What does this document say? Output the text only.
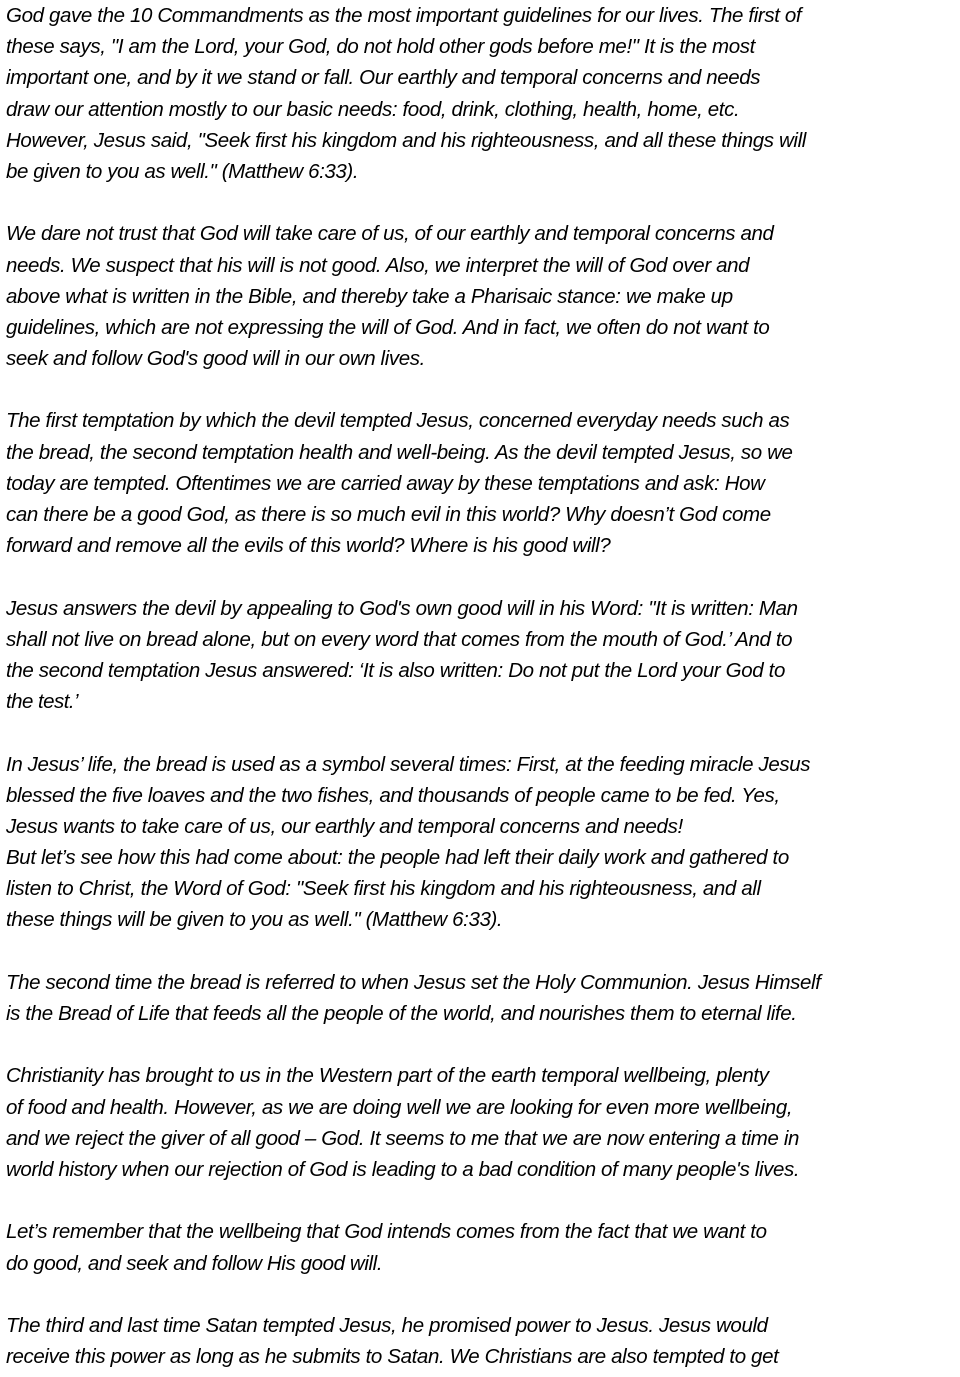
God gave the 10 Commandments as the most important guidelines for our lives. The first of
these says, "I am the Lord, your God, do not hold other gods before me!" It is the most
important one, and by it we stand or fall. Our earthly and temporal concerns and needs
draw our attention mostly to our basic needs: food, drink, clothing, health, home, etc.
However, Jesus said, "Seek first his kingdom and his righteousness, and all these things will
be given to you as well." (Matthew 6:33).
We dare not trust that God will take care of us, of our earthly and temporal concerns and
needs. We suspect that his will is not good. Also, we interpret the will of God over and
above what is written in the Bible, and thereby take a Pharisaic stance: we make up
guidelines, which are not expressing the will of God. And in fact, we often do not want to
seek and follow God's good will in our own lives.
The first temptation by which the devil tempted Jesus, concerned everyday needs such as
the bread, the second temptation health and well-being. As the devil tempted Jesus, so we
today are tempted. Oftentimes we are carried away by these temptations and ask: How
can there be a good God, as there is so much evil in this world? Why doesn’t God come
forward and remove all the evils of this world? Where is his good will?
Jesus answers the devil by appealing to God's own good will in his Word: "It is written: Man
shall not live on bread alone, but on every word that comes from the mouth of God.’ And to
the second temptation Jesus answered: ‘It is also written: Do not put the Lord your God to
the test.’
In Jesus’ life, the bread is used as a symbol several times: First, at the feeding miracle Jesus
blessed the five loaves and the two fishes, and thousands of people came to be fed. Yes,
Jesus wants to take care of us, our earthly and temporal concerns and needs!
But let’s see how this had come about: the people had left their daily work and gathered to
listen to Christ, the Word of God: "Seek first his kingdom and his righteousness, and all
these things will be given to you as well." (Matthew 6:33).
The second time the bread is referred to when Jesus set the Holy Communion. Jesus Himself
is the Bread of Life that feeds all the people of the world, and nourishes them to eternal life.
Christianity has brought to us in the Western part of the earth temporal wellbeing, plenty
of food and health. However, as we are doing well we are looking for even more wellbeing,
and we reject the giver of all good – God. It seems to me that we are now entering a time in
world history when our rejection of God is leading to a bad condition of many people's lives.
Let’s remember that the wellbeing that God intends comes from the fact that we want to
do good, and seek and follow His good will.
The third and last time Satan tempted Jesus, he promised power to Jesus. Jesus would
receive this power as long as he submits to Satan. We Christians are also tempted to get
